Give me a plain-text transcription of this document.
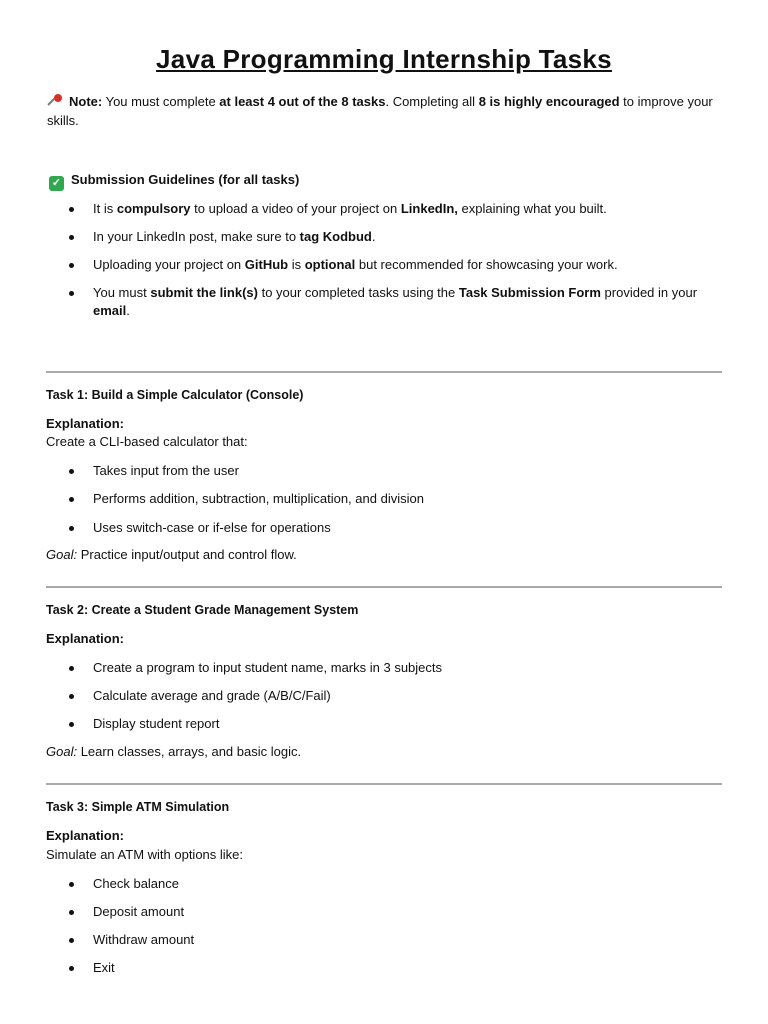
Java Programming Internship Tasks
Note: You must complete at least 4 out of the 8 tasks. Completing all 8 is highly encouraged to improve your skills.
✓ Submission Guidelines (for all tasks)
It is compulsory to upload a video of your project on LinkedIn, explaining what you built.
In your LinkedIn post, make sure to tag Kodbud.
Uploading your project on GitHub is optional but recommended for showcasing your work.
You must submit the link(s) to your completed tasks using the Task Submission Form provided in your email.
Task 1: Build a Simple Calculator (Console)
Explanation:
Create a CLI-based calculator that:
Takes input from the user
Performs addition, subtraction, multiplication, and division
Uses switch-case or if-else for operations
Goal: Practice input/output and control flow.
Task 2: Create a Student Grade Management System
Explanation:
Create a program to input student name, marks in 3 subjects
Calculate average and grade (A/B/C/Fail)
Display student report
Goal: Learn classes, arrays, and basic logic.
Task 3: Simple ATM Simulation
Explanation:
Simulate an ATM with options like:
Check balance
Deposit amount
Withdraw amount
Exit
